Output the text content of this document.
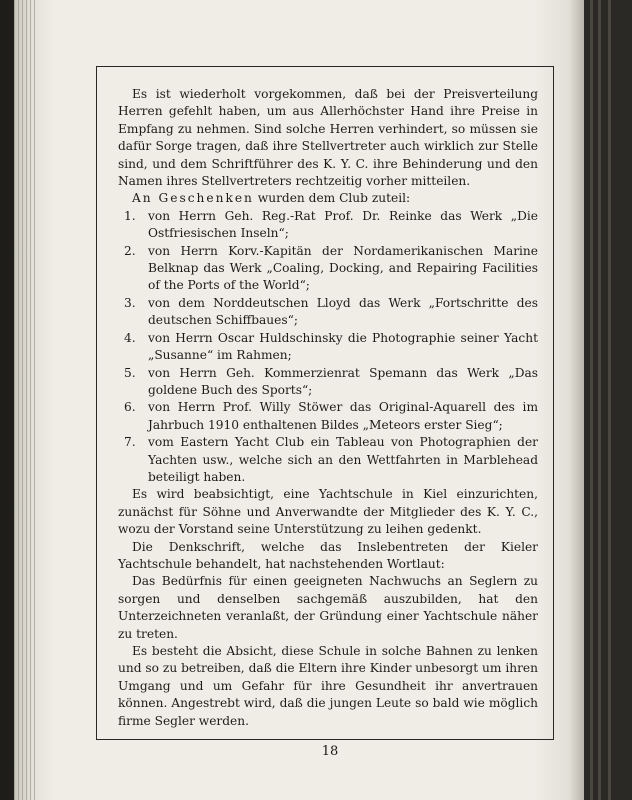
Es ist wiederholt vorgekommen, daß bei der Preisverteilung Herren gefehlt haben, um aus Allerhöchster Hand ihre Preise in Empfang zu nehmen. Sind solche Herren verhindert, so müssen sie dafür Sorge tragen, daß ihre Stellvertreter auch wirklich zur Stelle sind, und dem Schriftführer des K. Y. C. ihre Behinderung und den Namen ihres Stellvertreters rechtzeitig vorher mitteilen.

An Geschenken wurden dem Club zuteil:

1. von Herrn Geh. Reg.-Rat Prof. Dr. Reinke das Werk „Die Ostfriesischen Inseln“;
2. von Herrn Korv.-Kapitän der Nordamerikanischen Marine Belknap das Werk „Coaling, Docking, and Repairing Facilities of the Ports of the World“;
3. von dem Norddeutschen Lloyd das Werk „Fortschritte des deutschen Schiffbaues“;
4. von Herrn Oscar Huldschinsky die Photographie seiner Yacht „Susanne“ im Rahmen;
5. von Herrn Geh. Kommerzienrat Spemann das Werk „Das goldene Buch des Sports“;
6. von Herrn Prof. Willy Stöwer das Original-Aquarell des im Jahrbuch 1910 enthaltenen Bildes „Meteors erster Sieg“;
7. vom Eastern Yacht Club ein Tableau von Photographien der Yachten usw., welche sich an den Wettfahrten in Marblehead beteiligt haben.

Es wird beabsichtigt, eine Yachtschule in Kiel einzurichten, zunächst für Söhne und Anverwandte der Mitglieder des K. Y. C., wozu der Vorstand seine Unterstützung zu leihen gedenkt.

Die Denkschrift, welche das Inslebentreten der Kieler Yachtschule behandelt, hat nachstehenden Wortlaut:

Das Bedürfnis für einen geeigneten Nachwuchs an Seglern zu sorgen und denselben sachgemäß auszubilden, hat den Unterzeichneten veranlaßt, der Gründung einer Yachtschule näher zu treten.

Es besteht die Absicht, diese Schule in solche Bahnen zu lenken und so zu betreiben, daß die Eltern ihre Kinder unbesorgt um ihren Umgang und um Gefahr für ihre Gesundheit ihr anvertrauen können. Angestrebt wird, daß die jungen Leute so bald wie möglich firme Segler werden.

18
